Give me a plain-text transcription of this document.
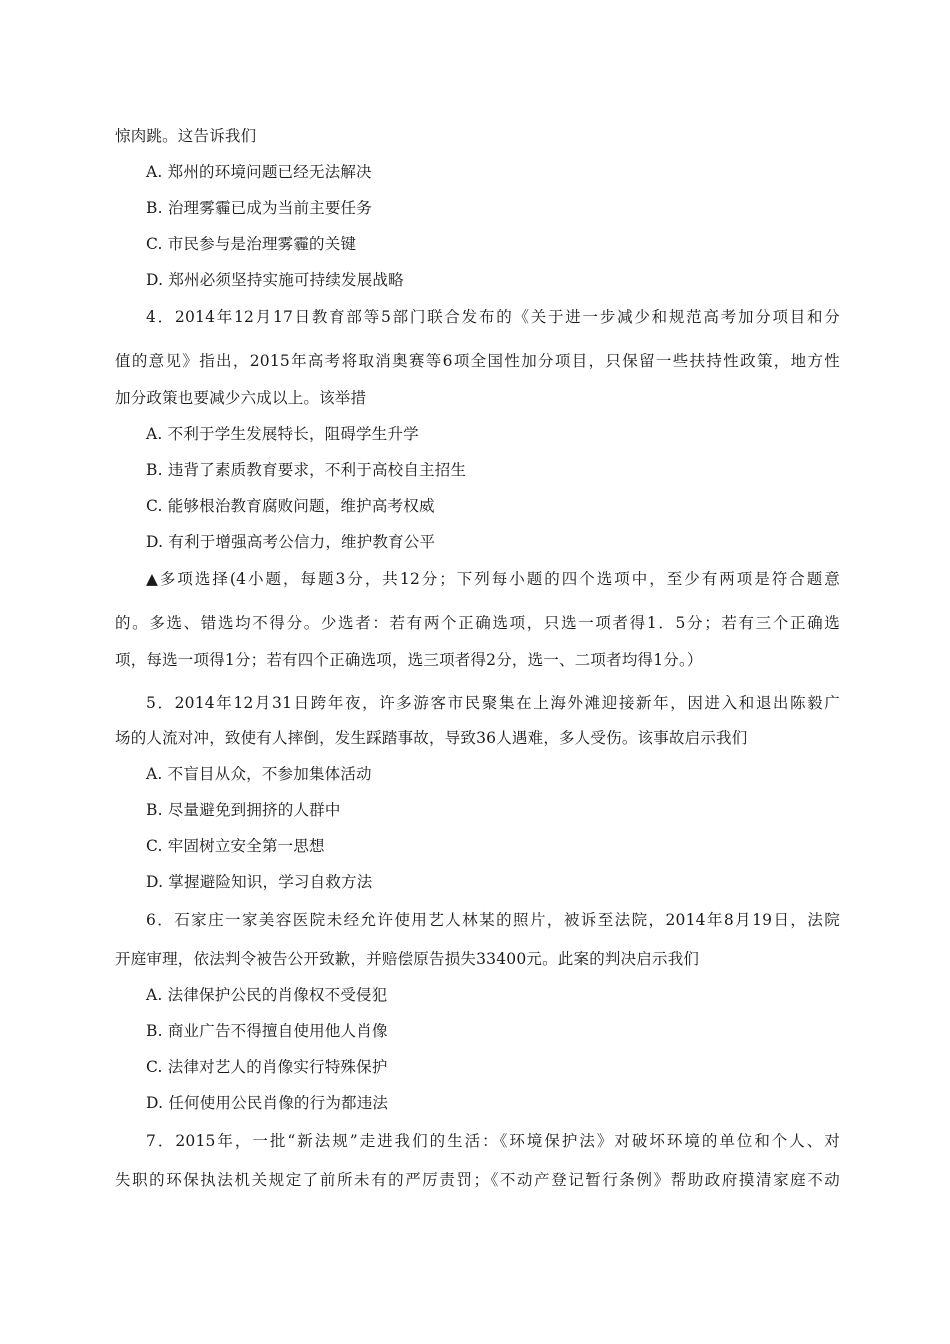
惊肉跳。这告诉我们
A. 郑州的环境问题已经无法解决
B. 治理雾霾已成为当前主要任务
C. 市民参与是治理雾霾的关键
D. 郑州必须坚持实施可持续发展战略
4．2014年12月17日教育部等5部门联合发布的《关于进一步减少和规范高考加分项目和分
值的意见》指出，2015年高考将取消奥赛等6项全国性加分项目，只保留一些扶持性政策，地方性
加分政策也要减少六成以上。该举措
A. 不利于学生发展特长，阻碍学生升学
B. 违背了素质教育要求，不利于高校自主招生
C. 能够根治教育腐败问题，维护高考权威
D. 有利于增强高考公信力，维护教育公平
▲多项选择(4小题，每题3分，共12分；下列每小题的四个选项中，至少有两项是符合题意
的。多选、错选均不得分。少选者：若有两个正确选项，只选一项者得1．5分；若有三个正确选
项，每选一项得1分；若有四个正确选项，选三项者得2分，选一、二项者均得1分。）
5．2014年12月31日跨年夜，许多游客市民聚集在上海外滩迎接新年，因进入和退出陈毅广
场的人流对冲，致使有人摔倒，发生踩踏事故，导致36人遇难，多人受伤。该事故启示我们
A. 不盲目从众，不参加集体活动
B. 尽量避免到拥挤的人群中
C. 牢固树立安全第一思想
D. 掌握避险知识，学习自救方法
6．石家庄一家美容医院未经允许使用艺人林某的照片，被诉至法院，2014年8月19日，法院
开庭审理，依法判令被告公开致歉，并赔偿原告损失33400元。此案的判决启示我们
A. 法律保护公民的肖像权不受侵犯
B. 商业广告不得擅自使用他人肖像
C. 法律对艺人的肖像实行特殊保护
D. 任何使用公民肖像的行为都违法
7．2015年，一批“新法规”走进我们的生活：《环境保护法》对破坏环境的单位和个人、对
失职的环保执法机关规定了前所未有的严厉责罚；《不动产登记暂行条例》帮助政府摸清家庭不动
